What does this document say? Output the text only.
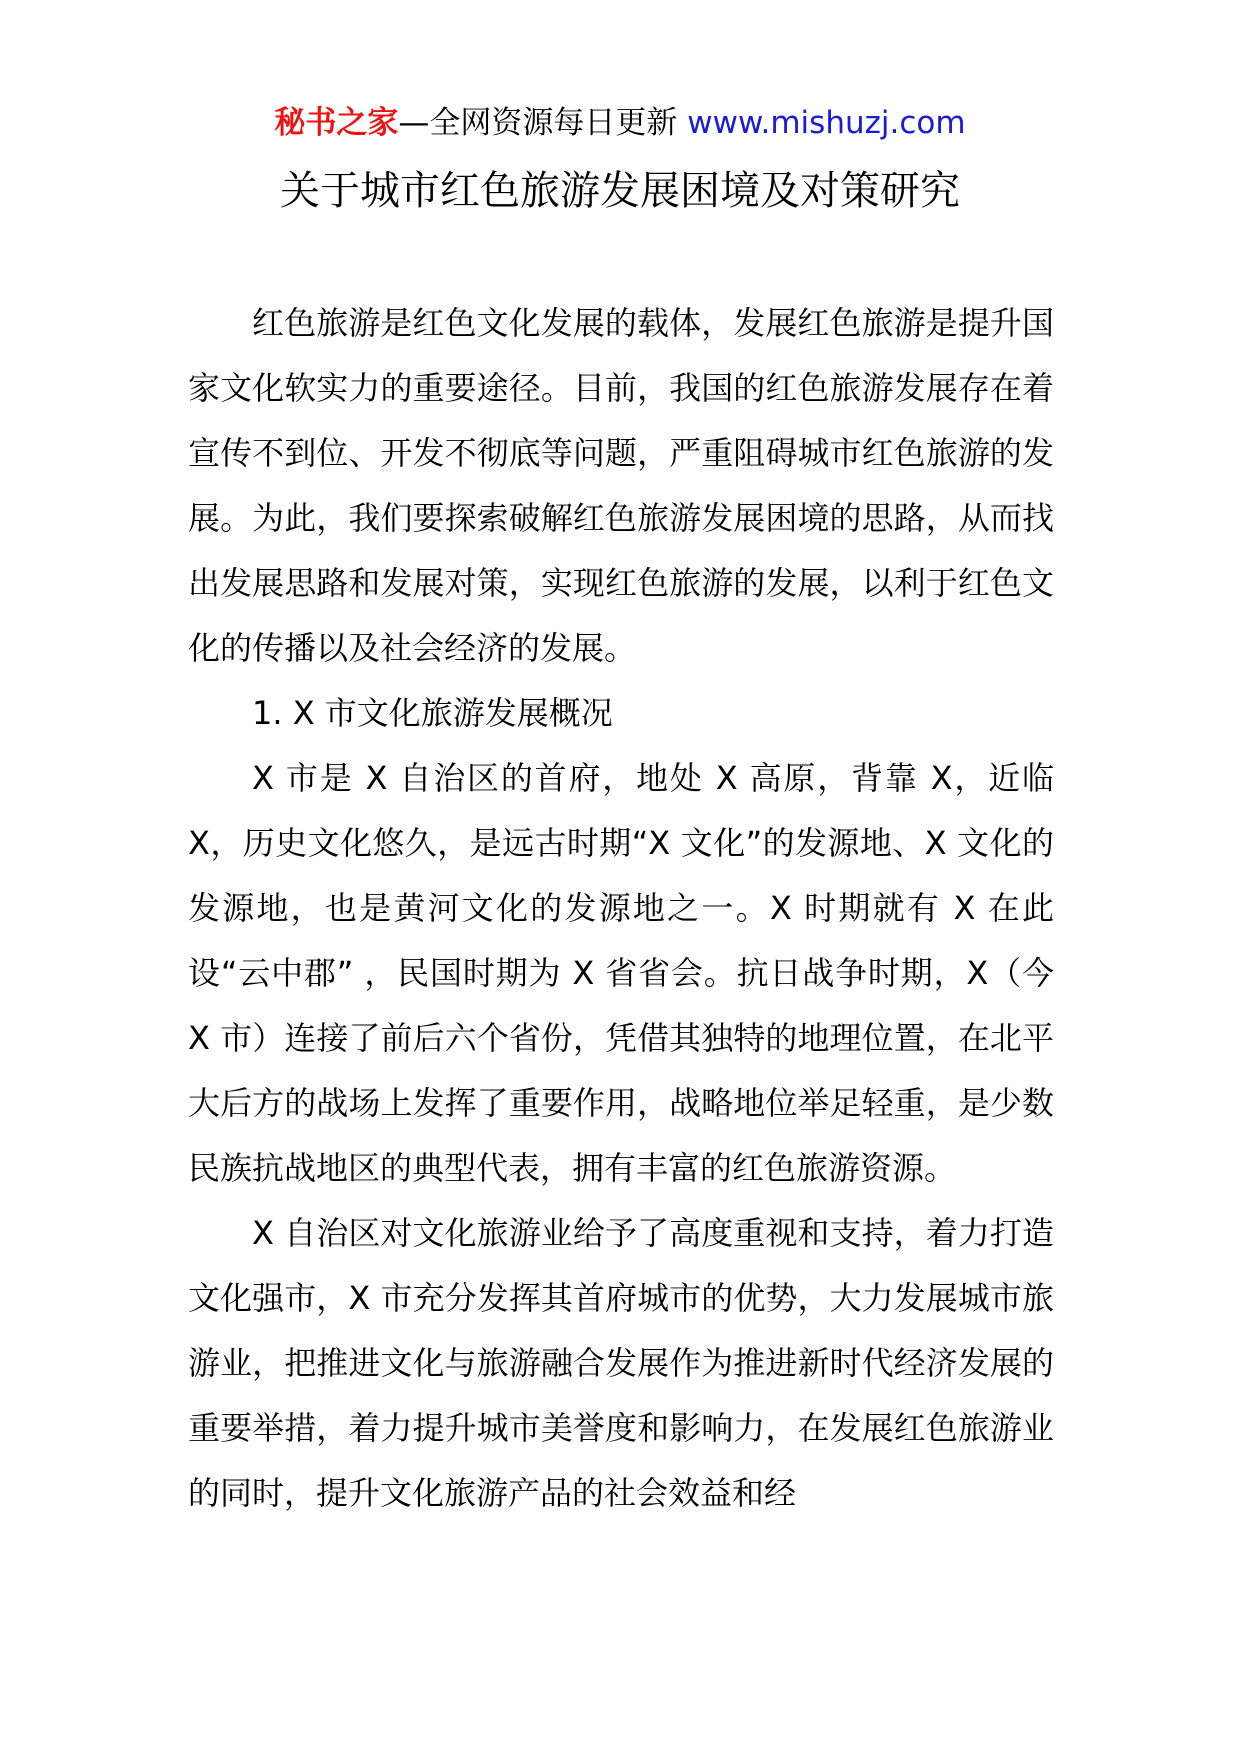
秘书之家—全网资源每日更新 www.mishuzj.com
关于城市红色旅游发展困境及对策研究

红色旅游是红色文化发展的载体，发展红色旅游是提升国家文化软实力的重要途径。目前，我国的红色旅游发展存在着宣传不到位、开发不彻底等问题，严重阻碍城市红色旅游的发展。为此，我们要探索破解红色旅游发展困境的思路，从而找出发展思路和发展对策，实现红色旅游的发展，以利于红色文化的传播以及社会经济的发展。

1. X 市文化旅游发展概况

X 市是 X 自治区的首府，地处 X 高原，背靠 X，近临 X，历史文化悠久，是远古时期“X 文化”的发源地、X 文化的发源地，也是黄河文化的发源地之一。X 时期就有 X 在此设“云中郡” ，民国时期为 X 省省会。抗日战争时期，X（今 X 市）连接了前后六个省份，凭借其独特的地理位置，在北平大后方的战场上发挥了重要作用，战略地位举足轻重，是少数民族抗战地区的典型代表，拥有丰富的红色旅游资源。

X 自治区对文化旅游业给予了高度重视和支持，着力打造文化强市，X 市充分发挥其首府城市的优势，大力发展城市旅游业，把推进文化与旅游融合发展作为推进新时代经济发展的重要举措，着力提升城市美誉度和影响力，在发展红色旅游业的同时，提升文化旅游产品的社会效益和经
